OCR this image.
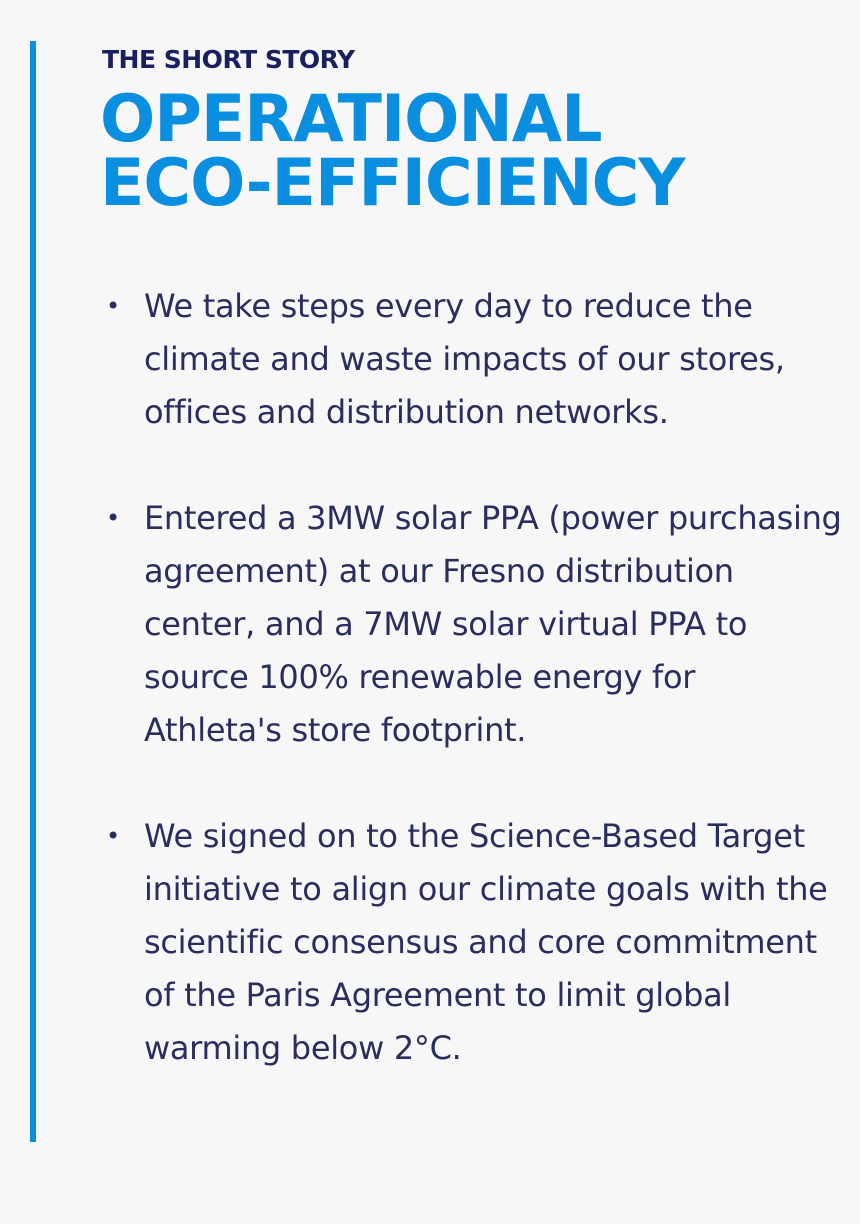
THE SHORT STORY

OPERATIONAL
ECO-EFFICIENCY
• We take steps every day to reduce the climate and waste impacts of our stores, offices and distribution networks.
• Entered a 3MW solar PPA (power purchasing agreement) at our Fresno distribution center, and a 7MW solar virtual PPA to source 100% renewable energy for Athleta's store footprint.
• We signed on to the Science-Based Target initiative to align our climate goals with the scientific consensus and core commitment of the Paris Agreement to limit global warming below 2°C.
